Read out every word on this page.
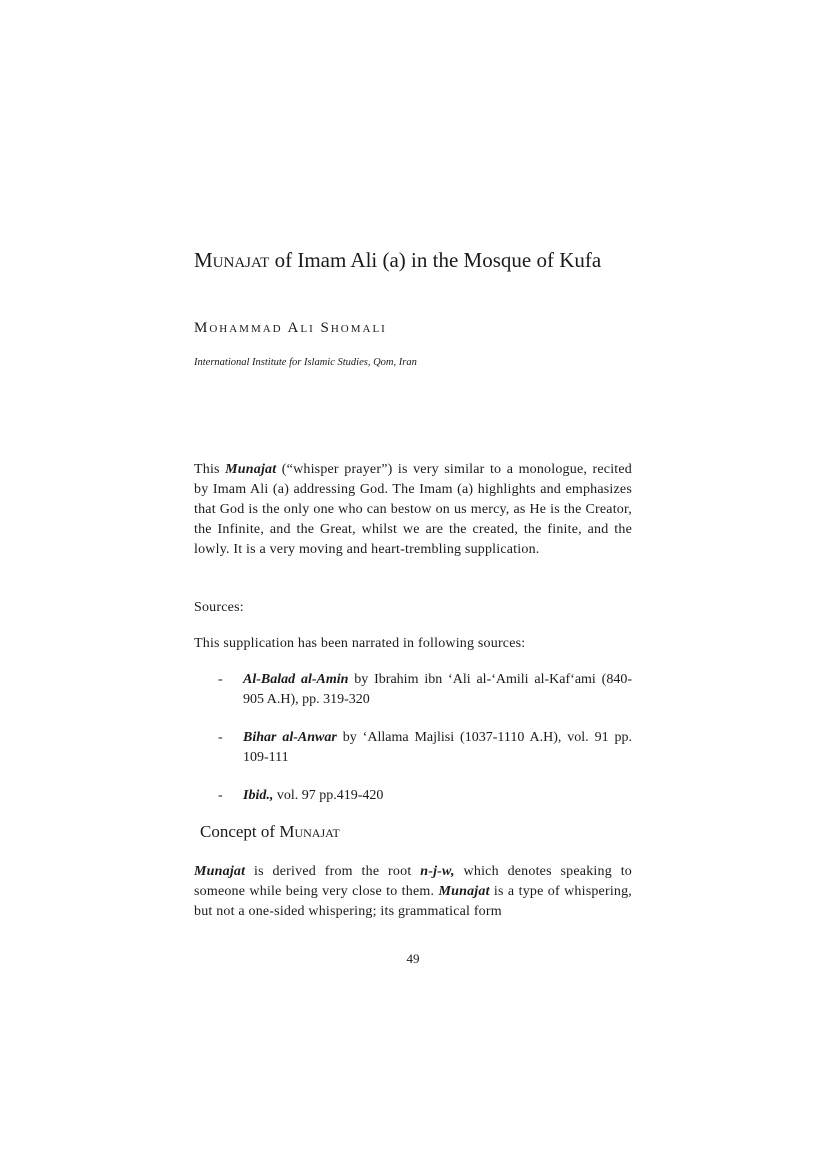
Munajat of Imam Ali (a) in the Mosque of Kufa
Mohammad Ali Shomali
International Institute for Islamic Studies, Qom, Iran
This Munajat (“whisper prayer”) is very similar to a monologue, recited by Imam Ali (a) addressing God. The Imam (a) highlights and emphasizes that God is the only one who can bestow on us mercy, as He is the Creator, the Infinite, and the Great, whilst we are the created, the finite, and the lowly. It is a very moving and heart-trembling supplication.
Sources:
This supplication has been narrated in following sources:
- Al-Balad al-Amin by Ibrahim ibn ‘Ali al-‘Amili al-Kaf‘ami (840-905 A.H), pp. 319-320
- Bihar al-Anwar by ‘Allama Majlisi (1037-1110 A.H), vol. 91 pp. 109-111
- Ibid., vol. 97 pp.419-420
Concept of Munajat
Munajat is derived from the root n-j-w, which denotes speaking to someone while being very close to them. Munajat is a type of whispering, but not a one-sided whispering; its grammatical form
49
